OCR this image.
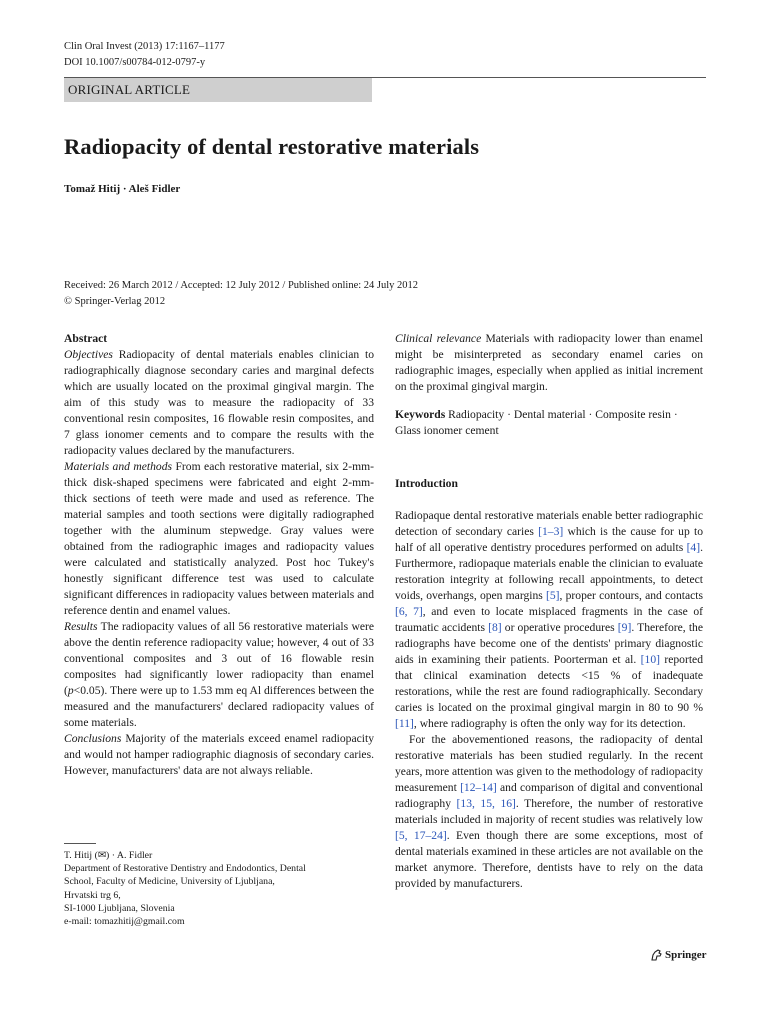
Clin Oral Invest (2013) 17:1167–1177
DOI 10.1007/s00784-012-0797-y
ORIGINAL ARTICLE
Radiopacity of dental restorative materials
Tomaž Hitij · Aleš Fidler
Received: 26 March 2012 / Accepted: 12 July 2012 / Published online: 24 July 2012
© Springer-Verlag 2012

Abstract

Objectives Radiopacity of dental materials enables clinician to radiographically diagnose secondary caries and marginal defects which are usually located on the proximal gingival margin. The aim of this study was to measure the radiopacity of 33 conventional resin composites, 16 flowable resin composites, and 7 glass ionomer cements and to compare the results with the radiopacity values declared by the manufacturers.

Materials and methods From each restorative material, six 2-mm-thick disk-shaped specimens were fabricated and eight 2-mm-thick sections of teeth were made and used as reference. The material samples and tooth sections were digitally radiographed together with the aluminum stepwedge. Gray values were obtained from the radiographic images and radiopacity values were calculated and statistically analyzed. Post hoc Tukey's honestly significant difference test was used to calculate significant differences in radiopacity values between materials and reference dentin and enamel values.

Results The radiopacity values of all 56 restorative materials were above the dentin reference radiopacity value; however, 4 out of 33 conventional composites and 3 out of 16 flowable resin composites had significantly lower radiopacity than enamel (p<0.05). There were up to 1.53 mm eq Al differences between the measured and the manufacturers' declared radiopacity values of some materials.

Conclusions Majority of the materials exceed enamel radiopacity and would not hamper radiographic diagnosis of secondary caries. However, manufacturers' data are not always reliable.

T. Hitij (✉) · A. Fidler
Department of Restorative Dentistry and Endodontics, Dental
School, Faculty of Medicine, University of Ljubljana,
Hrvatski trg 6,
SI-1000 Ljubljana, Slovenia
e-mail: tomazhitij@gmail.com

Clinical relevance Materials with radiopacity lower than enamel might be misinterpreted as secondary enamel caries on radiographic images, especially when applied as initial increment on the proximal gingival margin.

Keywords Radiopacity · Dental material · Composite resin · Glass ionomer cement

Introduction

Radiopaque dental restorative materials enable better radiographic detection of secondary caries [1–3] which is the cause for up to half of all operative dentistry procedures performed on adults [4]. Furthermore, radiopaque materials enable the clinician to evaluate restoration integrity at following recall appointments, to detect voids, overhangs, open margins [5], proper contours, and contacts [6, 7], and even to locate misplaced fragments in the case of traumatic accidents [8] or operative procedures [9]. Therefore, the radiographs have become one of the dentists' primary diagnostic aids in examining their patients. Poorterman et al. [10] reported that clinical examination detects <15 % of inadequate restorations, while the rest are found radiographically. Secondary caries is located on the proximal gingival margin in 80 to 90 % [11], where radiography is often the only way for its detection.

For the abovementioned reasons, the radiopacity of dental restorative materials has been studied regularly. In the recent years, more attention was given to the methodology of radiopacity measurement [12–14] and comparison of digital and conventional radiography [13, 15, 16]. Therefore, the number of restorative materials included in majority of recent studies was relatively low [5, 17–24]. Even though there are some exceptions, most of dental materials examined in these articles are not available on the market anymore. Therefore, dentists have to rely on the data provided by manufacturers.

Springer
